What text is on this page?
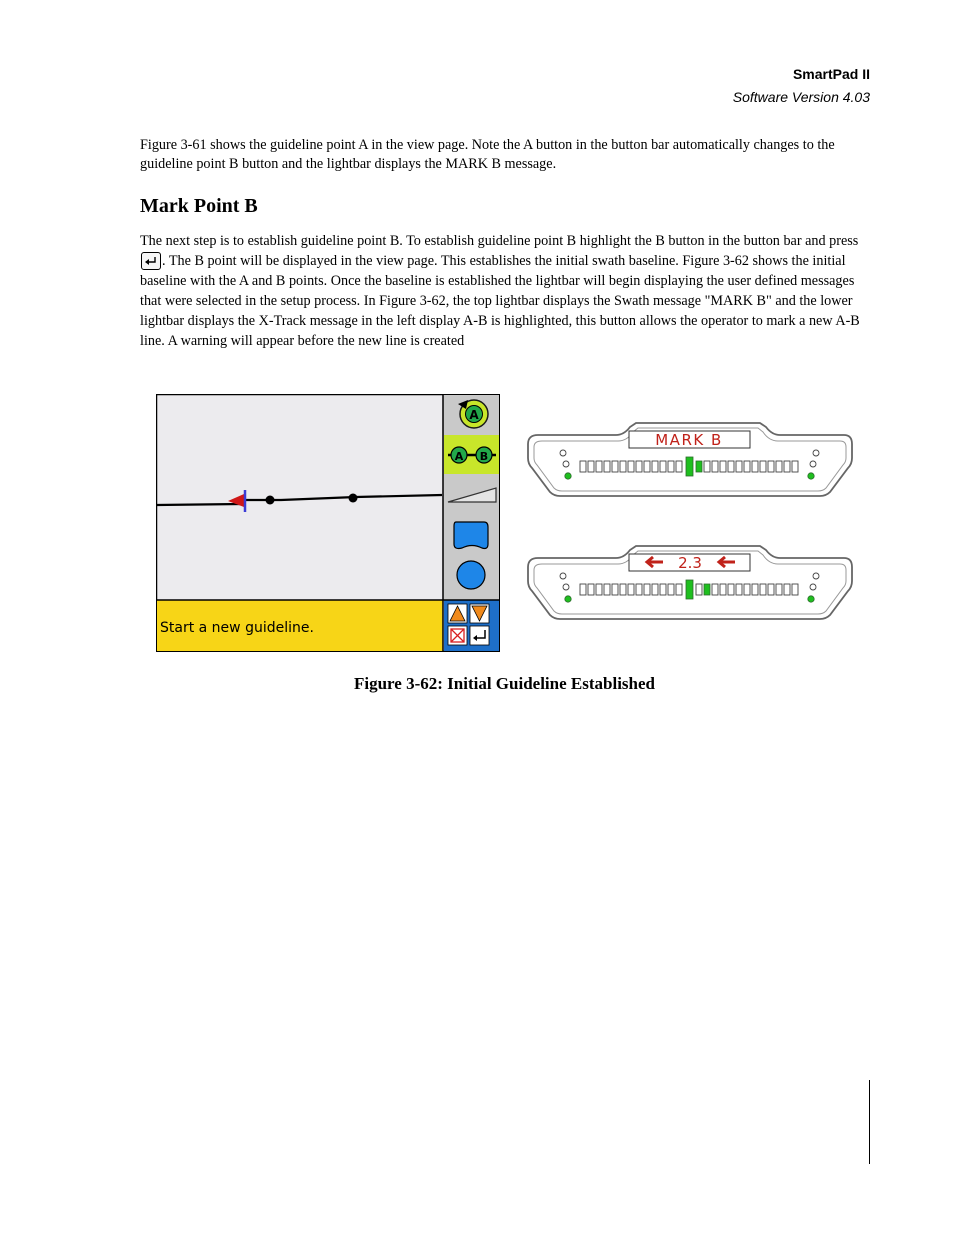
SmartPad II
Software Version 4.03

Figure 3-61 shows the guideline point A in the view page. Note the A button in the button bar automatically changes to the guideline point B button and the lightbar displays the MARK B message.

Mark Point B

The next step is to establish guideline point B. To establish guideline point B highlight the B button in the button bar and press
. The B point will be displayed in the view page. This establishes the initial swath baseline. Figure 3-62 shows the initial baseline with the A and B points. Once the baseline is established the lightbar will begin displaying the user defined messages that were selected in the setup process. In Figure 3-62, the top lightbar displays the Swath message "MARK B" and the lower lightbar displays the X-Track message in the left display A-B is highlighted, this button allows the operator to mark a new A-B line. A warning will appear before the new line is created

Start a new guideline.
A
A B
MARK B
2.3
Figure 3-62: Initial Guideline Established
